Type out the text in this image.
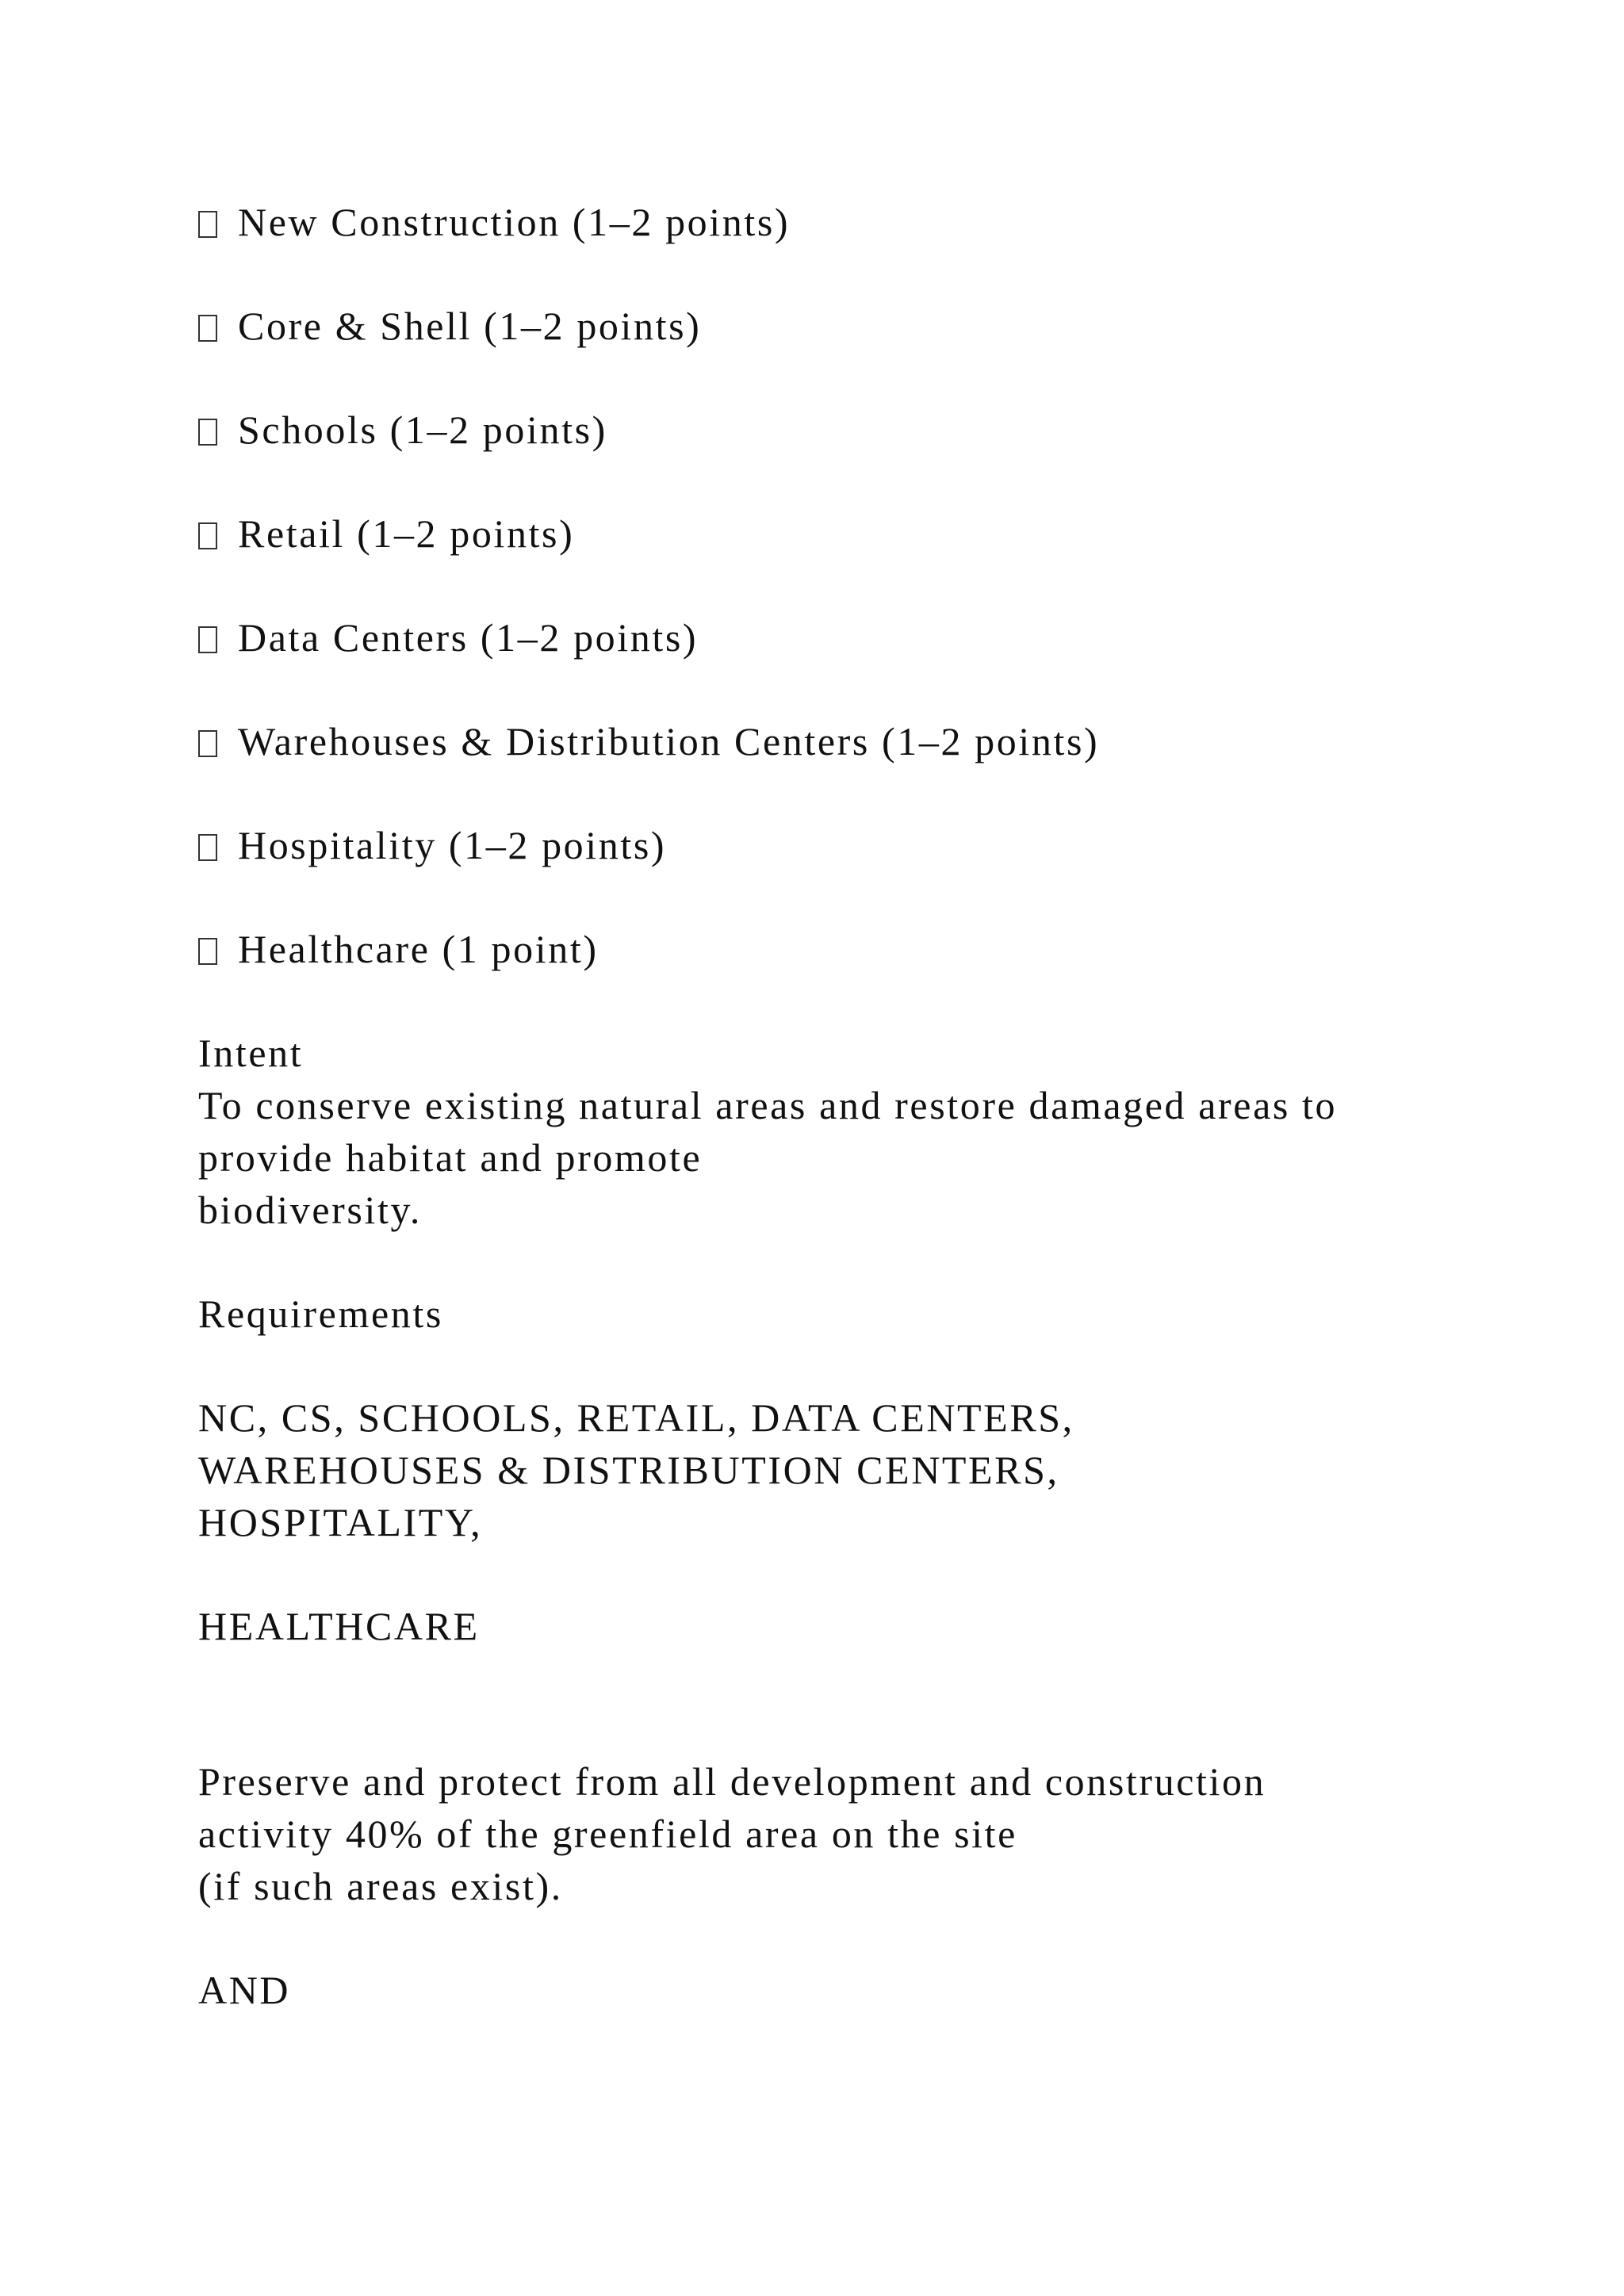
New Construction (1–2 points)
Core & Shell (1–2 points)
Schools (1–2 points)
Retail (1–2 points)
Data Centers (1–2 points)
Warehouses & Distribution Centers (1–2 points)
Hospitality (1–2 points)
Healthcare (1 point)
Intent
To conserve existing natural areas and restore damaged areas to
provide habitat and promote
biodiversity.
Requirements
NC, CS, SCHOOLS, RETAIL, DATA CENTERS,
WAREHOUSES & DISTRIBUTION CENTERS,
HOSPITALITY,
HEALTHCARE
Preserve and protect from all development and construction
activity 40% of the greenfield area on the site
(if such areas exist).
AND
